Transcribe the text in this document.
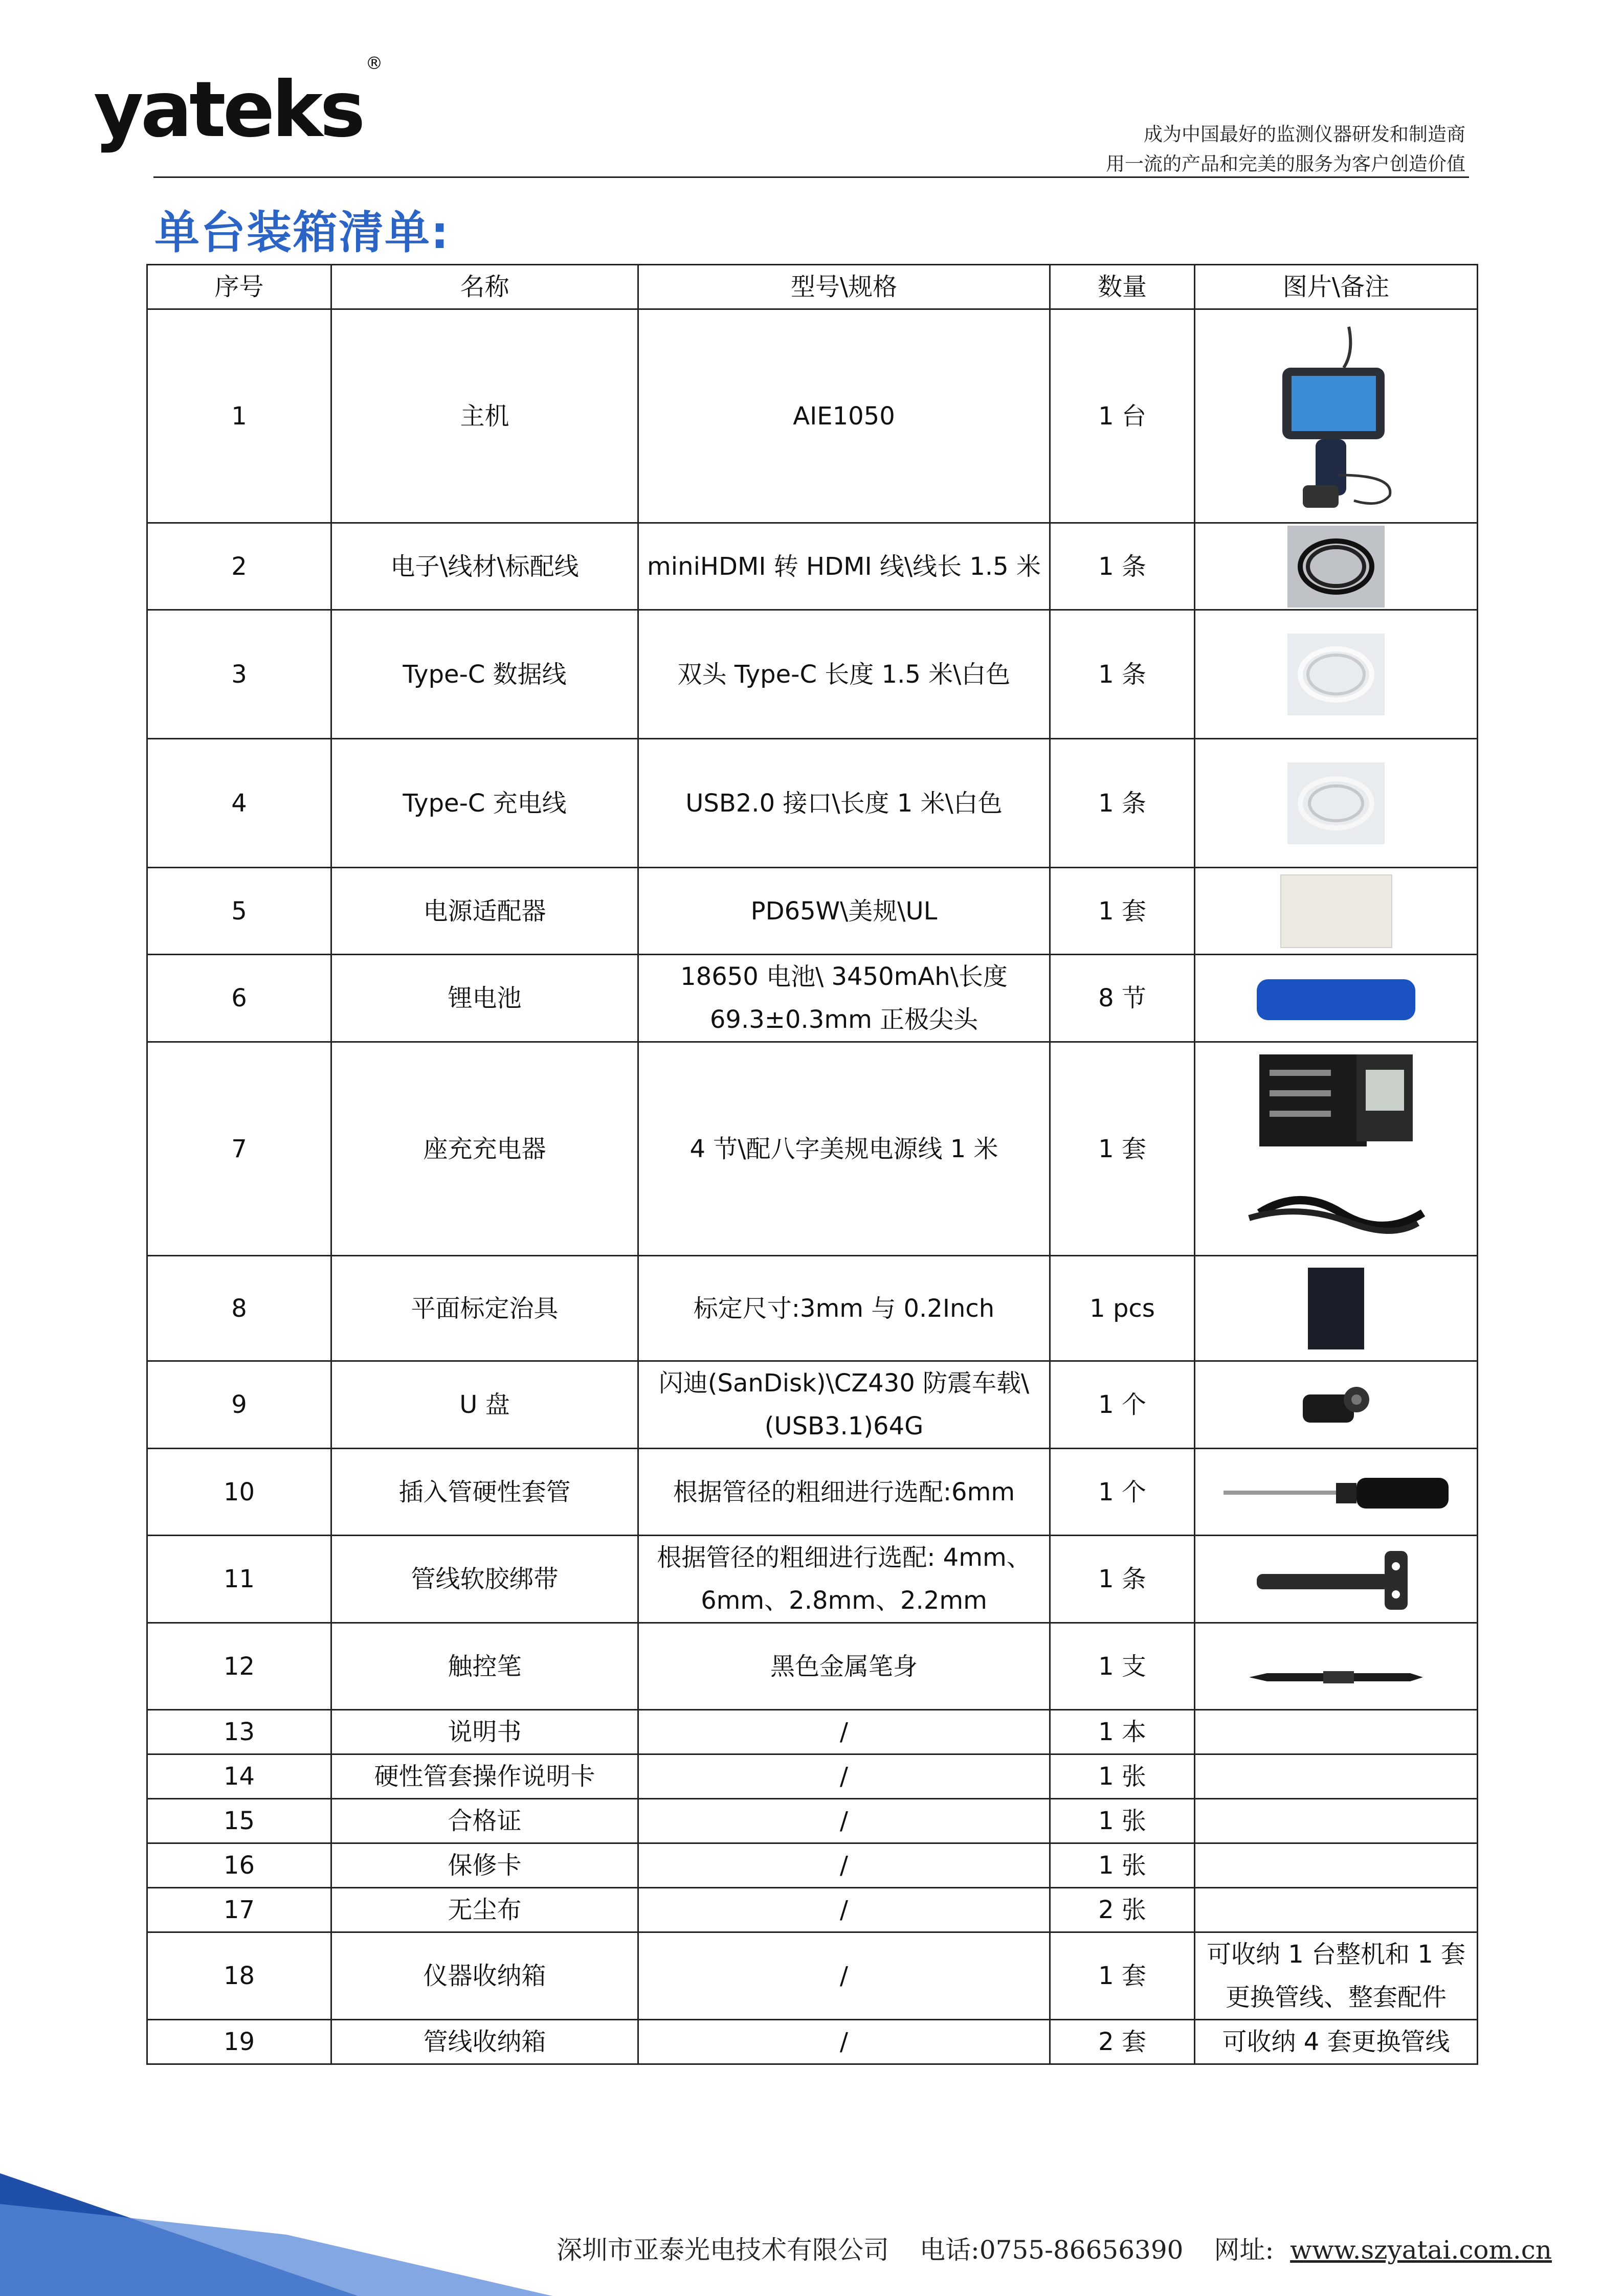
yateks®
成为中国最好的监测仪器研发和制造商
用一流的产品和完美的服务为客户创造价值
单台装箱清单:
序号	名称	型号\规格	数量	图片\备注
1	主机	AIE1050	1 台	
2	电子\线材\标配线	miniHDMI 转 HDMI 线\线长 1.5 米	1 条	
3	Type-C 数据线	双头 Type-C 长度 1.5 米\白色	1 条	
4	Type-C 充电线	USB2.0 接口\长度 1 米\白色	1 条	
5	电源适配器	PD65W\美规\UL	1 套	
6	锂电池	18650 电池\ 3450mAh\长度 69.3±0.3mm 正极尖头	8 节	
7	座充充电器	4 节\配八字美规电源线 1 米	1 套	
8	平面标定治具	标定尺寸:3mm 与 0.2Inch	1 pcs	
9	U 盘	闪迪(SanDisk)\CZ430 防震车载\(USB3.1)64G	1 个	
10	插入管硬性套管	根据管径的粗细进行选配:6mm	1 个	
11	管线软胶绑带	根据管径的粗细进行选配: 4mm、6mm、2.8mm、2.2mm	1 条	
12	触控笔	黑色金属笔身	1 支	
13	说明书	/	1 本	
14	硬性管套操作说明卡	/	1 张	
15	合格证	/	1 张	
16	保修卡	/	1 张	
17	无尘布	/	2 张	
18	仪器收纳箱	/	1 套	可收纳 1 台整机和 1 套更换管线、整套配件
19	管线收纳箱	/	2 套	可收纳 4 套更换管线
深圳市亚泰光电技术有限公司 电话:0755-86656390 网址: www.szyatai.com.cn
